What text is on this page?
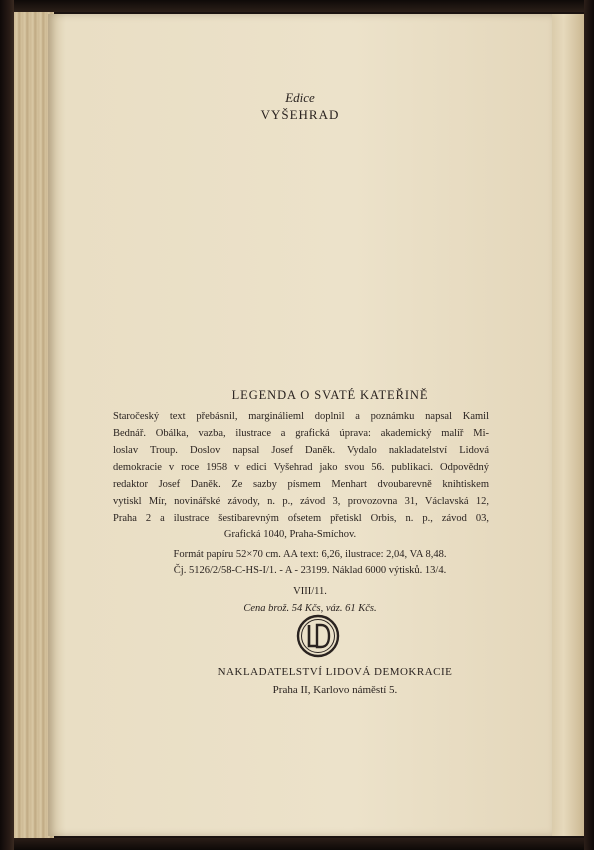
Edice
VYŠEHRAD
LEGENDA O SVATÉ KATEŘINĚ
Staročeský text přebásnil, marginálieml doplnil a poznámku napsal Kamil
Bednář. Obálka, vazba, ilustrace a grafická úprava: akademický malíř Mi-
loslav Troup. Doslov napsal Josef Daněk. Vydalo nakladatelství Lidová
demokracie v roce 1958 v edici Vyšehrad jako svou 56. publikaci. Odpovědný
redaktor Josef Daněk. Ze sazby písmem Menhart dvoubarevně knihtiskem
vytiskl Mír, novinářské závody, n. p., závod 3, provozovna 31, Václavská 12,
Praha 2 a ilustrace šestibarevným ofsetem přetiskl Orbis, n. p., závod 03,
Grafická 1040, Praha-Smíchov.
Formát papíru 52×70 cm. AA text: 6,26, ilustrace: 2,04, VA 8,48.
Čj. 5126/2/58-C-HS-I/1. - A - 23199. Náklad 6000 výtisků. 13/4.
VIII/11.
Cena brož. 54 Kčs, váz. 61 Kčs.
NAKLADATELSTVÍ LIDOVÁ DEMOKRACIE
Praha II, Karlovo náměstí 5.
